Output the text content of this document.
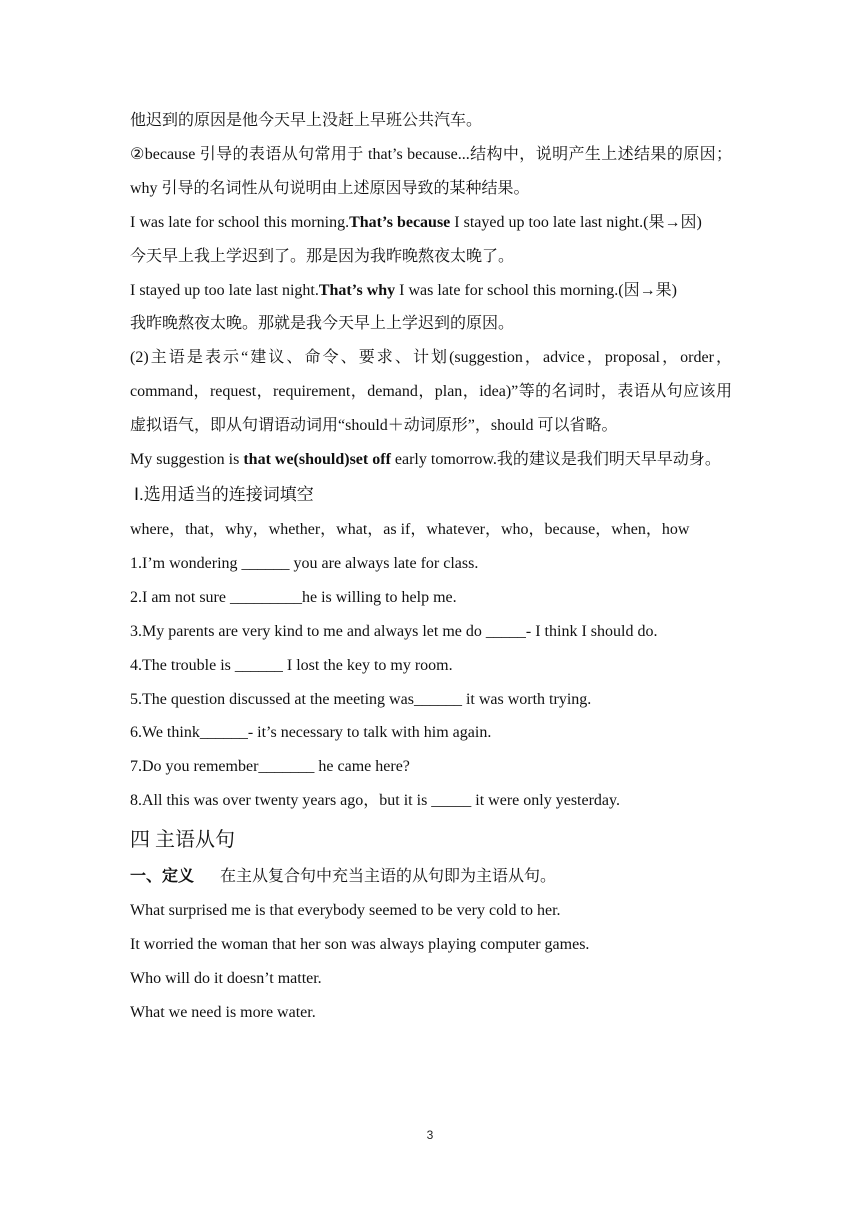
他迟到的原因是他今天早上没赶上早班公共汽车。
②because 引导的表语从句常用于 that’s because...结构中，说明产生上述结果的原因；why 引导的名词性从句说明由上述原因导致的某种结果。
I was late for school this morning.That’s because I stayed up too late last night.(果→因)
今天早上我上学迟到了。那是因为我昨晚熬夜太晚了。
I stayed up too late last night.That’s why I was late for school this morning.(因→果)
我昨晚熬夜太晚。那就是我今天早上上学迟到的原因。
(2)主语是表示“建议、命令、要求、计划(suggestion，advice，proposal，order，command，request，requirement，demand，plan，idea)”等的名词时，表语从句应该用虚拟语气，即从句谓语动词用“should＋动词原形”，should 可以省略。
My suggestion is that we(should)set off early tomorrow.我的建议是我们明天早早动身。
Ⅰ.选用适当的连接词填空
where，that，why，whether，what，as if，whatever，who，because，when，how
1.I’m wondering ______ you are always late for class.
2.I am not sure _________he is willing to help me.
3.My parents are very kind to me and always let me do _____- I think I should do.
4.The trouble is ______ I lost the key to my room.
5.The question discussed at the meeting was______ it was worth trying.
6.We think______- it’s necessary to talk with him again.
7.Do you remember_______ he came here?
8.All this was over twenty years ago，but it is _____ it were only yesterday.
四 主语从句
一、定义 在主从复合句中充当主语的从句即为主语从句。
What surprised me is that everybody seemed to be very cold to her.
It worried the woman that her son was always playing computer games.
Who will do it doesn’t matter.
What we need is more water.
3
